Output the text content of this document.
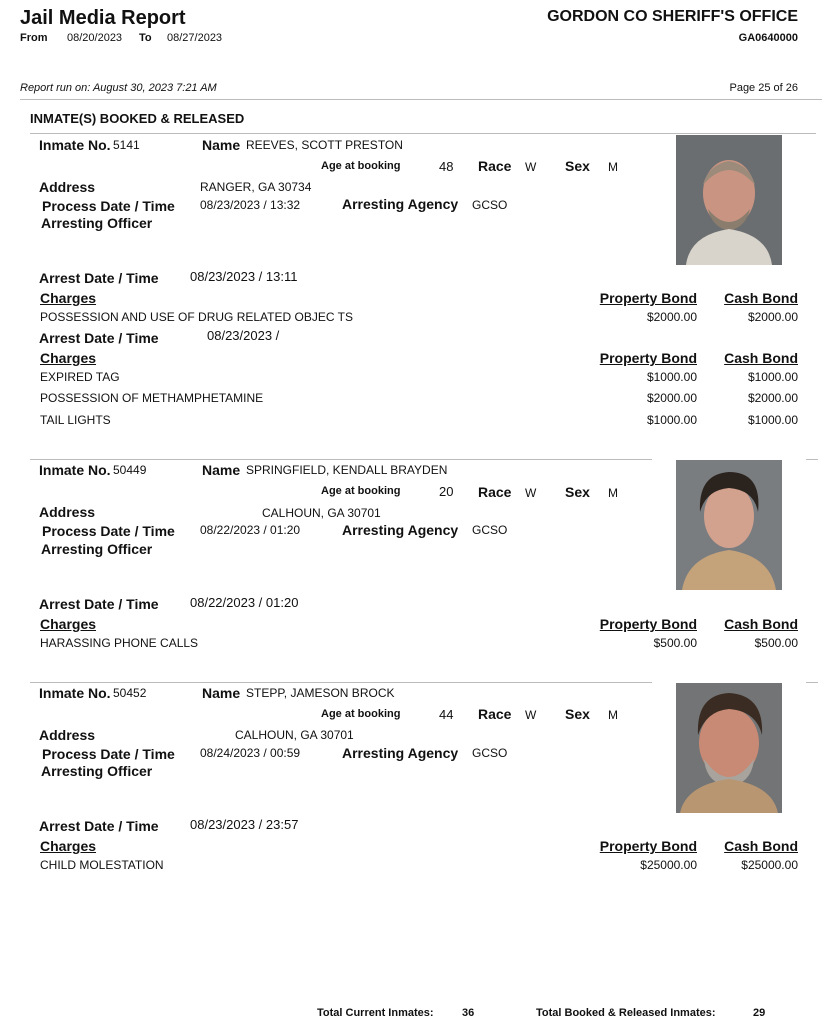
Jail Media Report
From 08/20/2023 To 08/27/2023
GORDON CO SHERIFF'S OFFICE
GA0640000
Report run on: August 30, 2023 7:21 AM	Page 25 of 26
INMATE(S) BOOKED & RELEASED
Inmate No. 5141	Name REEVES, SCOTT PRESTON
Age at booking	48 Race W Sex M
Address	RANGER, GA 30734
Process Date / Time 08/23/2023 / 13:32	Arresting Agency GCSO
Arresting Officer
Arrest Date / Time 08/23/2023 / 13:11
Charges	Property Bond Cash Bond
POSSESSION AND USE OF DRUG RELATED OBJEC TS	$2000.00	$2000.00
Arrest Date / Time	08/23/2023 /
Charges	Property Bond Cash Bond
EXPIRED TAG	$1000.00	$1000.00
POSSESSION OF METHAMPHETAMINE	$2000.00	$2000.00
TAIL LIGHTS	$1000.00	$1000.00
Inmate No. 50449	Name SPRINGFIELD, KENDALL BRAYDEN
Age at booking	20 Race W Sex M
Address	CALHOUN, GA 30701
Process Date / Time 08/22/2023 / 01:20	Arresting Agency GCSO
Arresting Officer
Arrest Date / Time 08/22/2023 / 01:20
Charges	Property Bond Cash Bond
HARASSING PHONE CALLS	$500.00	$500.00
Inmate No. 50452	Name STEPP, JAMESON BROCK
Age at booking	44 Race W Sex M
Address	CALHOUN, GA 30701
Process Date / Time 08/24/2023 / 00:59	Arresting Agency GCSO
Arresting Officer
Arrest Date / Time 08/23/2023 / 23:57
Charges	Property Bond Cash Bond
CHILD MOLESTATION	$25000.00	$25000.00
Total Current Inmates:	36	Total Booked & Released Inmates:	29
